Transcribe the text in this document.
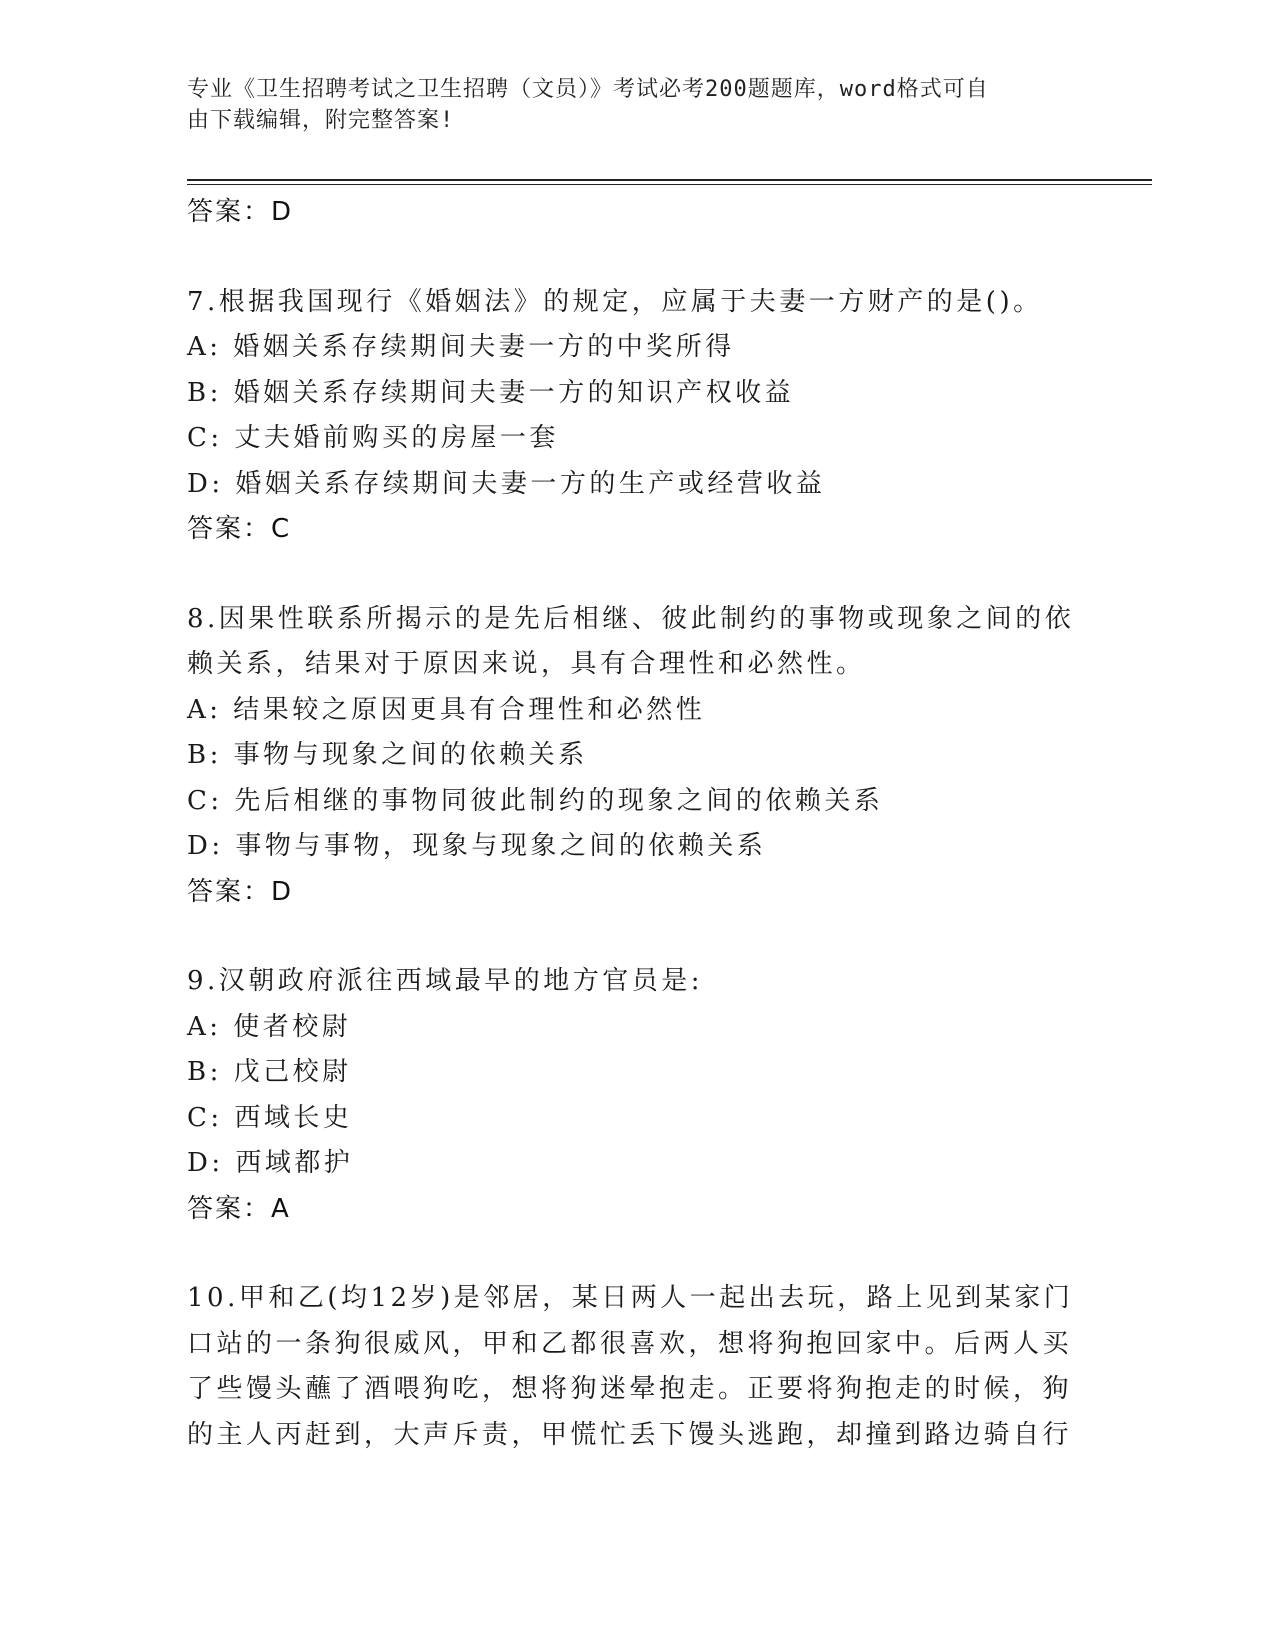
专业《卫生招聘考试之卫生招聘（文员）》考试必考200题题库，word格式可自
由下载编辑，附完整答案!
答案：D
7.根据我国现行《婚姻法》的规定，应属于夫妻一方财产的是()。
A: 婚姻关系存续期间夫妻一方的中奖所得
B: 婚姻关系存续期间夫妻一方的知识产权收益
C: 丈夫婚前购买的房屋一套
D: 婚姻关系存续期间夫妻一方的生产或经营收益
答案：C
8.因果性联系所揭示的是先后相继、彼此制约的事物或现象之间的依
赖关系，结果对于原因来说，具有合理性和必然性。
A: 结果较之原因更具有合理性和必然性
B: 事物与现象之间的依赖关系
C: 先后相继的事物同彼此制约的现象之间的依赖关系
D: 事物与事物，现象与现象之间的依赖关系
答案：D
9.汉朝政府派往西域最早的地方官员是:
A: 使者校尉
B: 戊己校尉
C: 西域长史
D: 西域都护
答案：A
10.甲和乙(均12岁)是邻居，某日两人一起出去玩，路上见到某家门
口站的一条狗很威风，甲和乙都很喜欢，想将狗抱回家中。后两人买
了些馒头蘸了酒喂狗吃，想将狗迷晕抱走。正要将狗抱走的时候，狗
的主人丙赶到，大声斥责，甲慌忙丢下馒头逃跑，却撞到路边骑自行
